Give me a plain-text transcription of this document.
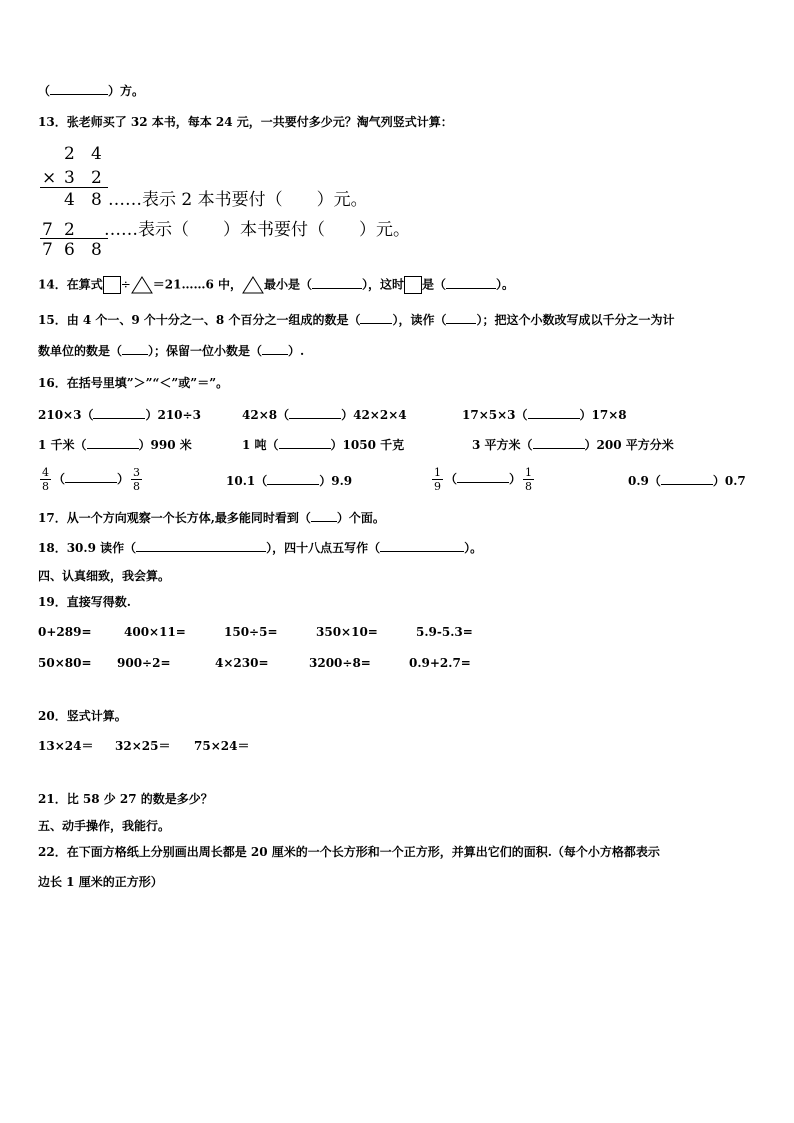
（	）方。
13．张老师买了 32 本书，每本 24 元，一共要付多少元？淘气列竖式计算：
2 4
× 3 2
4 8 ……表示 2 本书要付（　　）元。
7 2 ……表示（　　）本书要付（　　）元。
7 6 8
14．在算式 ÷ ＝21……6 中， 最小是（	），这时 是（	）。
15．由 4 个一、9 个十分之一、8 个百分之一组成的数是（	），读作（	）；把这个小数改写成以千分之一为计
数单位的数是（ ）；保留一位小数是（ ）.
16．在括号里填”＞”“＜”或”＝”。
210×3（	）210÷3	42×8（	）42×2×4	17×5×3（	）17×8
1 千米（	）990 米	1 吨（	）1050 千克	3 平方米（	）200 平方分米
$\frac{4}{8}$ （	） $\frac{3}{8}$	10.1（	）9.9	$\frac{1}{9}$ （	） $\frac{1}{8}$	0.9（	）0.7
17．从一个方向观察一个长方体,最多能同时看到（ ）个面。
18．30.9 读作（	），四十八点五写作（	）。
四、认真细致，我会算。
19．直接写得数.
0+289=	400×11=	150÷5=	350×10=	5.9-5.3=
50×80= 900÷2=	4×230=	3200÷8=	0.9+2.7=
20．竖式计算。
13×24＝ 32×25＝ 75×24＝
21．比 58 少 27 的数是多少？
五、动手操作，我能行。
22．在下面方格纸上分别画出周长都是 20 厘米的一个长方形和一个正方形，并算出它们的面积.（每个小方格都表示
边长 1 厘米的正方形）
